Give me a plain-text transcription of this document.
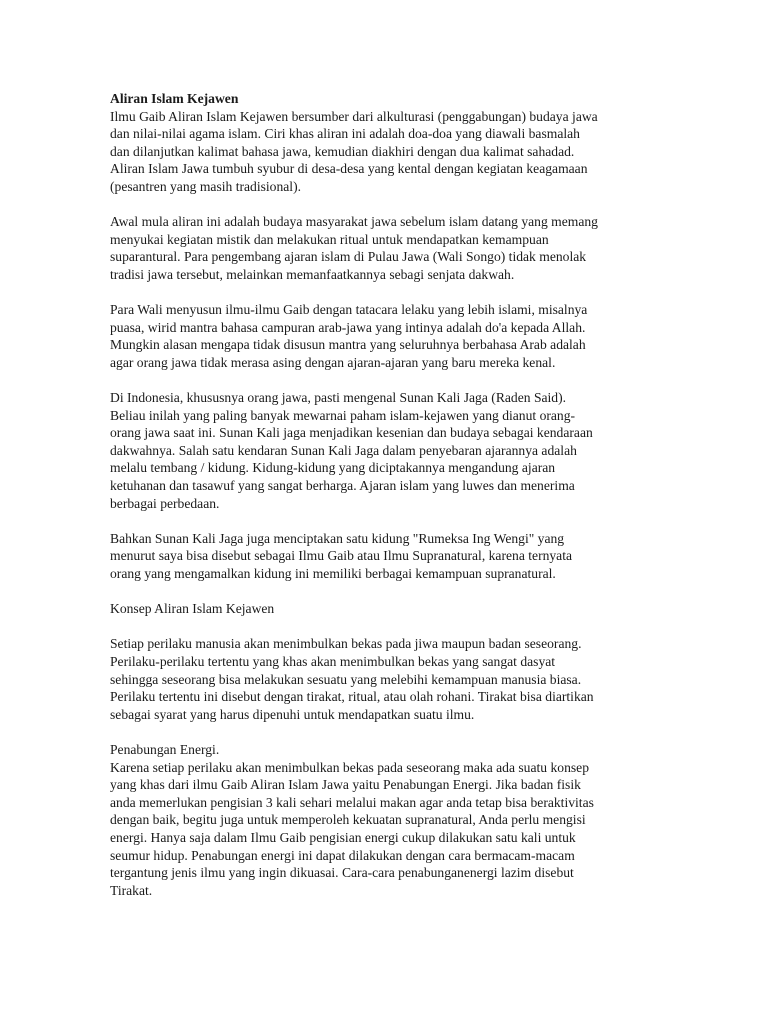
Aliran Islam Kejawen

Ilmu Gaib Aliran Islam Kejawen bersumber dari alkulturasi (penggabungan) budaya jawa
dan nilai-nilai agama islam. Ciri khas aliran ini adalah doa-doa yang diawali basmalah
dan dilanjutkan kalimat bahasa jawa, kemudian diakhiri dengan dua kalimat sahadad.
Aliran Islam Jawa tumbuh syubur di desa-desa yang kental dengan kegiatan keagamaan
(pesantren yang masih tradisional).

Awal mula aliran ini adalah budaya masyarakat jawa sebelum islam datang yang memang
menyukai kegiatan mistik dan melakukan ritual untuk mendapatkan kemampuan
suparantural. Para pengembang ajaran islam di Pulau Jawa (Wali Songo) tidak menolak
tradisi jawa tersebut, melainkan memanfaatkannya sebagi senjata dakwah.

Para Wali menyusun ilmu-ilmu Gaib dengan tatacara lelaku yang lebih islami, misalnya
puasa, wirid mantra bahasa campuran arab-jawa yang intinya adalah do'a kepada Allah.
Mungkin alasan mengapa tidak disusun mantra yang seluruhnya berbahasa Arab adalah
agar orang jawa tidak merasa asing dengan ajaran-ajaran yang baru mereka kenal.

Di Indonesia, khususnya orang jawa, pasti mengenal Sunan Kali Jaga (Raden Said).
Beliau inilah yang paling banyak mewarnai paham islam-kejawen yang dianut orang-
orang jawa saat ini. Sunan Kali jaga menjadikan kesenian dan budaya sebagai kendaraan
dakwahnya. Salah satu kendaran Sunan Kali Jaga dalam penyebaran ajarannya adalah
melalu tembang / kidung. Kidung-kidung yang diciptakannya mengandung ajaran
ketuhanan dan tasawuf yang sangat berharga. Ajaran islam yang luwes dan menerima
berbagai perbedaan.

Bahkan Sunan Kali Jaga juga menciptakan satu kidung "Rumeksa Ing Wengi" yang
menurut saya bisa disebut sebagai Ilmu Gaib atau Ilmu Supranatural, karena ternyata
orang yang mengamalkan kidung ini memiliki berbagai kemampuan supranatural.

Konsep Aliran Islam Kejawen

Setiap perilaku manusia akan menimbulkan bekas pada jiwa maupun badan seseorang.
Perilaku-perilaku tertentu yang khas akan menimbulkan bekas yang sangat dasyat
sehingga seseorang bisa melakukan sesuatu yang melebihi kemampuan manusia biasa.
Perilaku tertentu ini disebut dengan tirakat, ritual, atau olah rohani. Tirakat bisa diartikan
sebagai syarat yang harus dipenuhi untuk mendapatkan suatu ilmu.

Penabungan Energi.

Karena setiap perilaku akan menimbulkan bekas pada seseorang maka ada suatu konsep
yang khas dari ilmu Gaib Aliran Islam Jawa yaitu Penabungan Energi. Jika badan fisik
anda memerlukan pengisian 3 kali sehari melalui makan agar anda tetap bisa beraktivitas
dengan baik, begitu juga untuk memperoleh kekuatan supranatural, Anda perlu mengisi
energi. Hanya saja dalam Ilmu Gaib pengisian energi cukup dilakukan satu kali untuk
seumur hidup. Penabungan energi ini dapat dilakukan dengan cara bermacam-macam
tergantung jenis ilmu yang ingin dikuasai. Cara-cara penabunganenergi lazim disebut
Tirakat.
